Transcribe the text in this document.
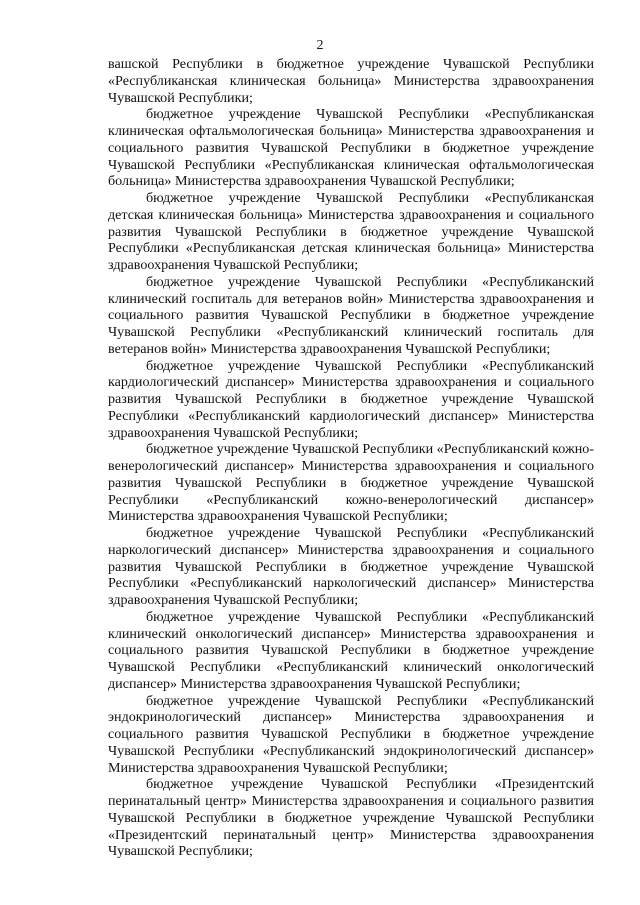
2

вашской Республики в бюджетное учреждение Чувашской Республики «Республиканская клиническая больница» Министерства здравоохранения Чувашской Республики;

бюджетное учреждение Чувашской Республики «Республиканская клиническая офтальмологическая больница» Министерства здравоохранения и социального развития Чувашской Республики в бюджетное учреждение Чувашской Республики «Республиканская клиническая офтальмологическая больница» Министерства здравоохранения Чувашской Республики;

бюджетное учреждение Чувашской Республики «Республиканская детская клиническая больница» Министерства здравоохранения и социального развития Чувашской Республики в бюджетное учреждение Чувашской Республики «Республиканская детская клиническая больница» Министерства здравоохранения Чувашской Республики;

бюджетное учреждение Чувашской Республики «Республиканский клинический госпиталь для ветеранов войн» Министерства здравоохранения и социального развития Чувашской Республики в бюджетное учреждение Чувашской Республики «Республиканский клинический госпиталь для ветеранов войн» Министерства здравоохранения Чувашской Республики;

бюджетное учреждение Чувашской Республики «Республиканский кардиологический диспансер» Министерства здравоохранения и социального развития Чувашской Республики в бюджетное учреждение Чувашской Республики «Республиканский кардиологический диспансер» Министерства здравоохранения Чувашской Республики;

бюджетное учреждение Чувашской Республики «Республиканский кожно-венерологический диспансер» Министерства здравоохранения и социального развития Чувашской Республики в бюджетное учреждение Чувашской Республики «Республиканский кожно-венерологический диспансер» Министерства здравоохранения Чувашской Республики;

бюджетное учреждение Чувашской Республики «Республиканский наркологический диспансер» Министерства здравоохранения и социального развития Чувашской Республики в бюджетное учреждение Чувашской Республики «Республиканский наркологический диспансер» Министерства здравоохранения Чувашской Республики;

бюджетное учреждение Чувашской Республики «Республиканский клинический онкологический диспансер» Министерства здравоохранения и социального развития Чувашской Республики в бюджетное учреждение Чувашской Республики «Республиканский клинический онкологический диспансер» Министерства здравоохранения Чувашской Республики;

бюджетное учреждение Чувашской Республики «Республиканский эндокринологический диспансер» Министерства здравоохранения и социального развития Чувашской Республики в бюджетное учреждение Чувашской Республики «Республиканский эндокринологический диспансер» Министерства здравоохранения Чувашской Республики;

бюджетное учреждение Чувашской Республики «Президентский перинатальный центр» Министерства здравоохранения и социального развития Чувашской Республики в бюджетное учреждение Чувашской Республики «Президентский перинатальный центр» Министерства здравоохранения Чувашской Республики;
